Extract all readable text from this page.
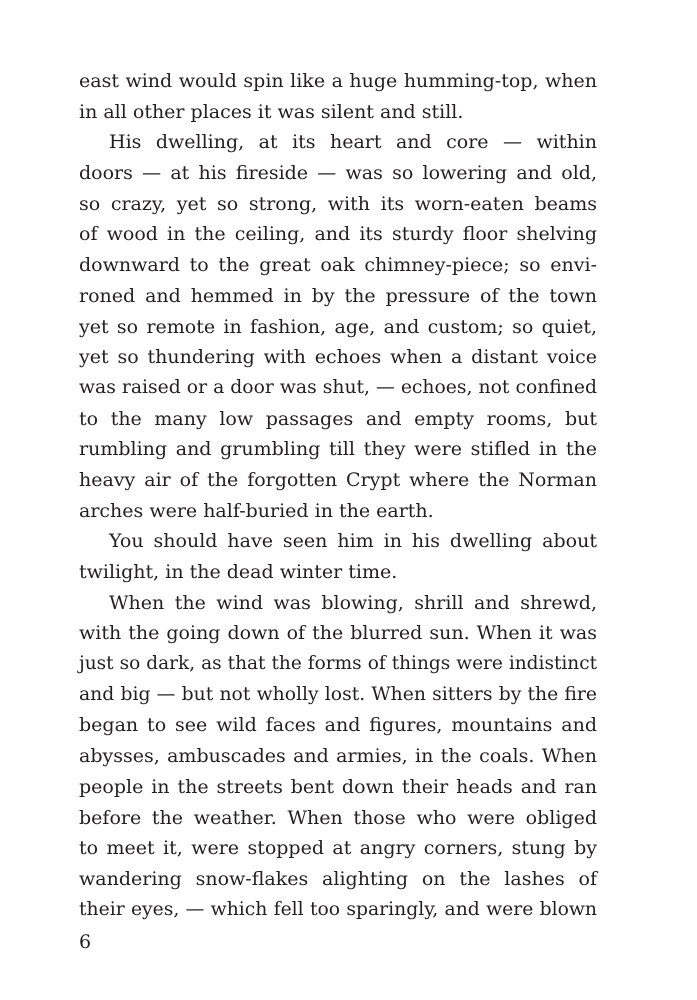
east wind would spin like a huge humming-top, when
in all other places it was silent and still.
His dwelling, at its heart and core — within
doors — at his fireside — was so lowering and old,
so crazy, yet so strong, with its worn-eaten beams
of wood in the ceiling, and its sturdy floor shelving
downward to the great oak chimney-piece; so envi-
roned and hemmed in by the pressure of the town
yet so remote in fashion, age, and custom; so quiet,
yet so thundering with echoes when a distant voice
was raised or a door was shut, — echoes, not confined
to the many low passages and empty rooms, but
rumbling and grumbling till they were stifled in the
heavy air of the forgotten Crypt where the Norman
arches were half-buried in the earth.
You should have seen him in his dwelling about
twilight, in the dead winter time.
When the wind was blowing, shrill and shrewd,
with the going down of the blurred sun. When it was
just so dark, as that the forms of things were indistinct
and big — but not wholly lost. When sitters by the fire
began to see wild faces and figures, mountains and
abysses, ambuscades and armies, in the coals. When
people in the streets bent down their heads and ran
before the weather. When those who were obliged
to meet it, were stopped at angry corners, stung by
wandering snow-flakes alighting on the lashes of
their eyes, — which fell too sparingly, and were blown
6
